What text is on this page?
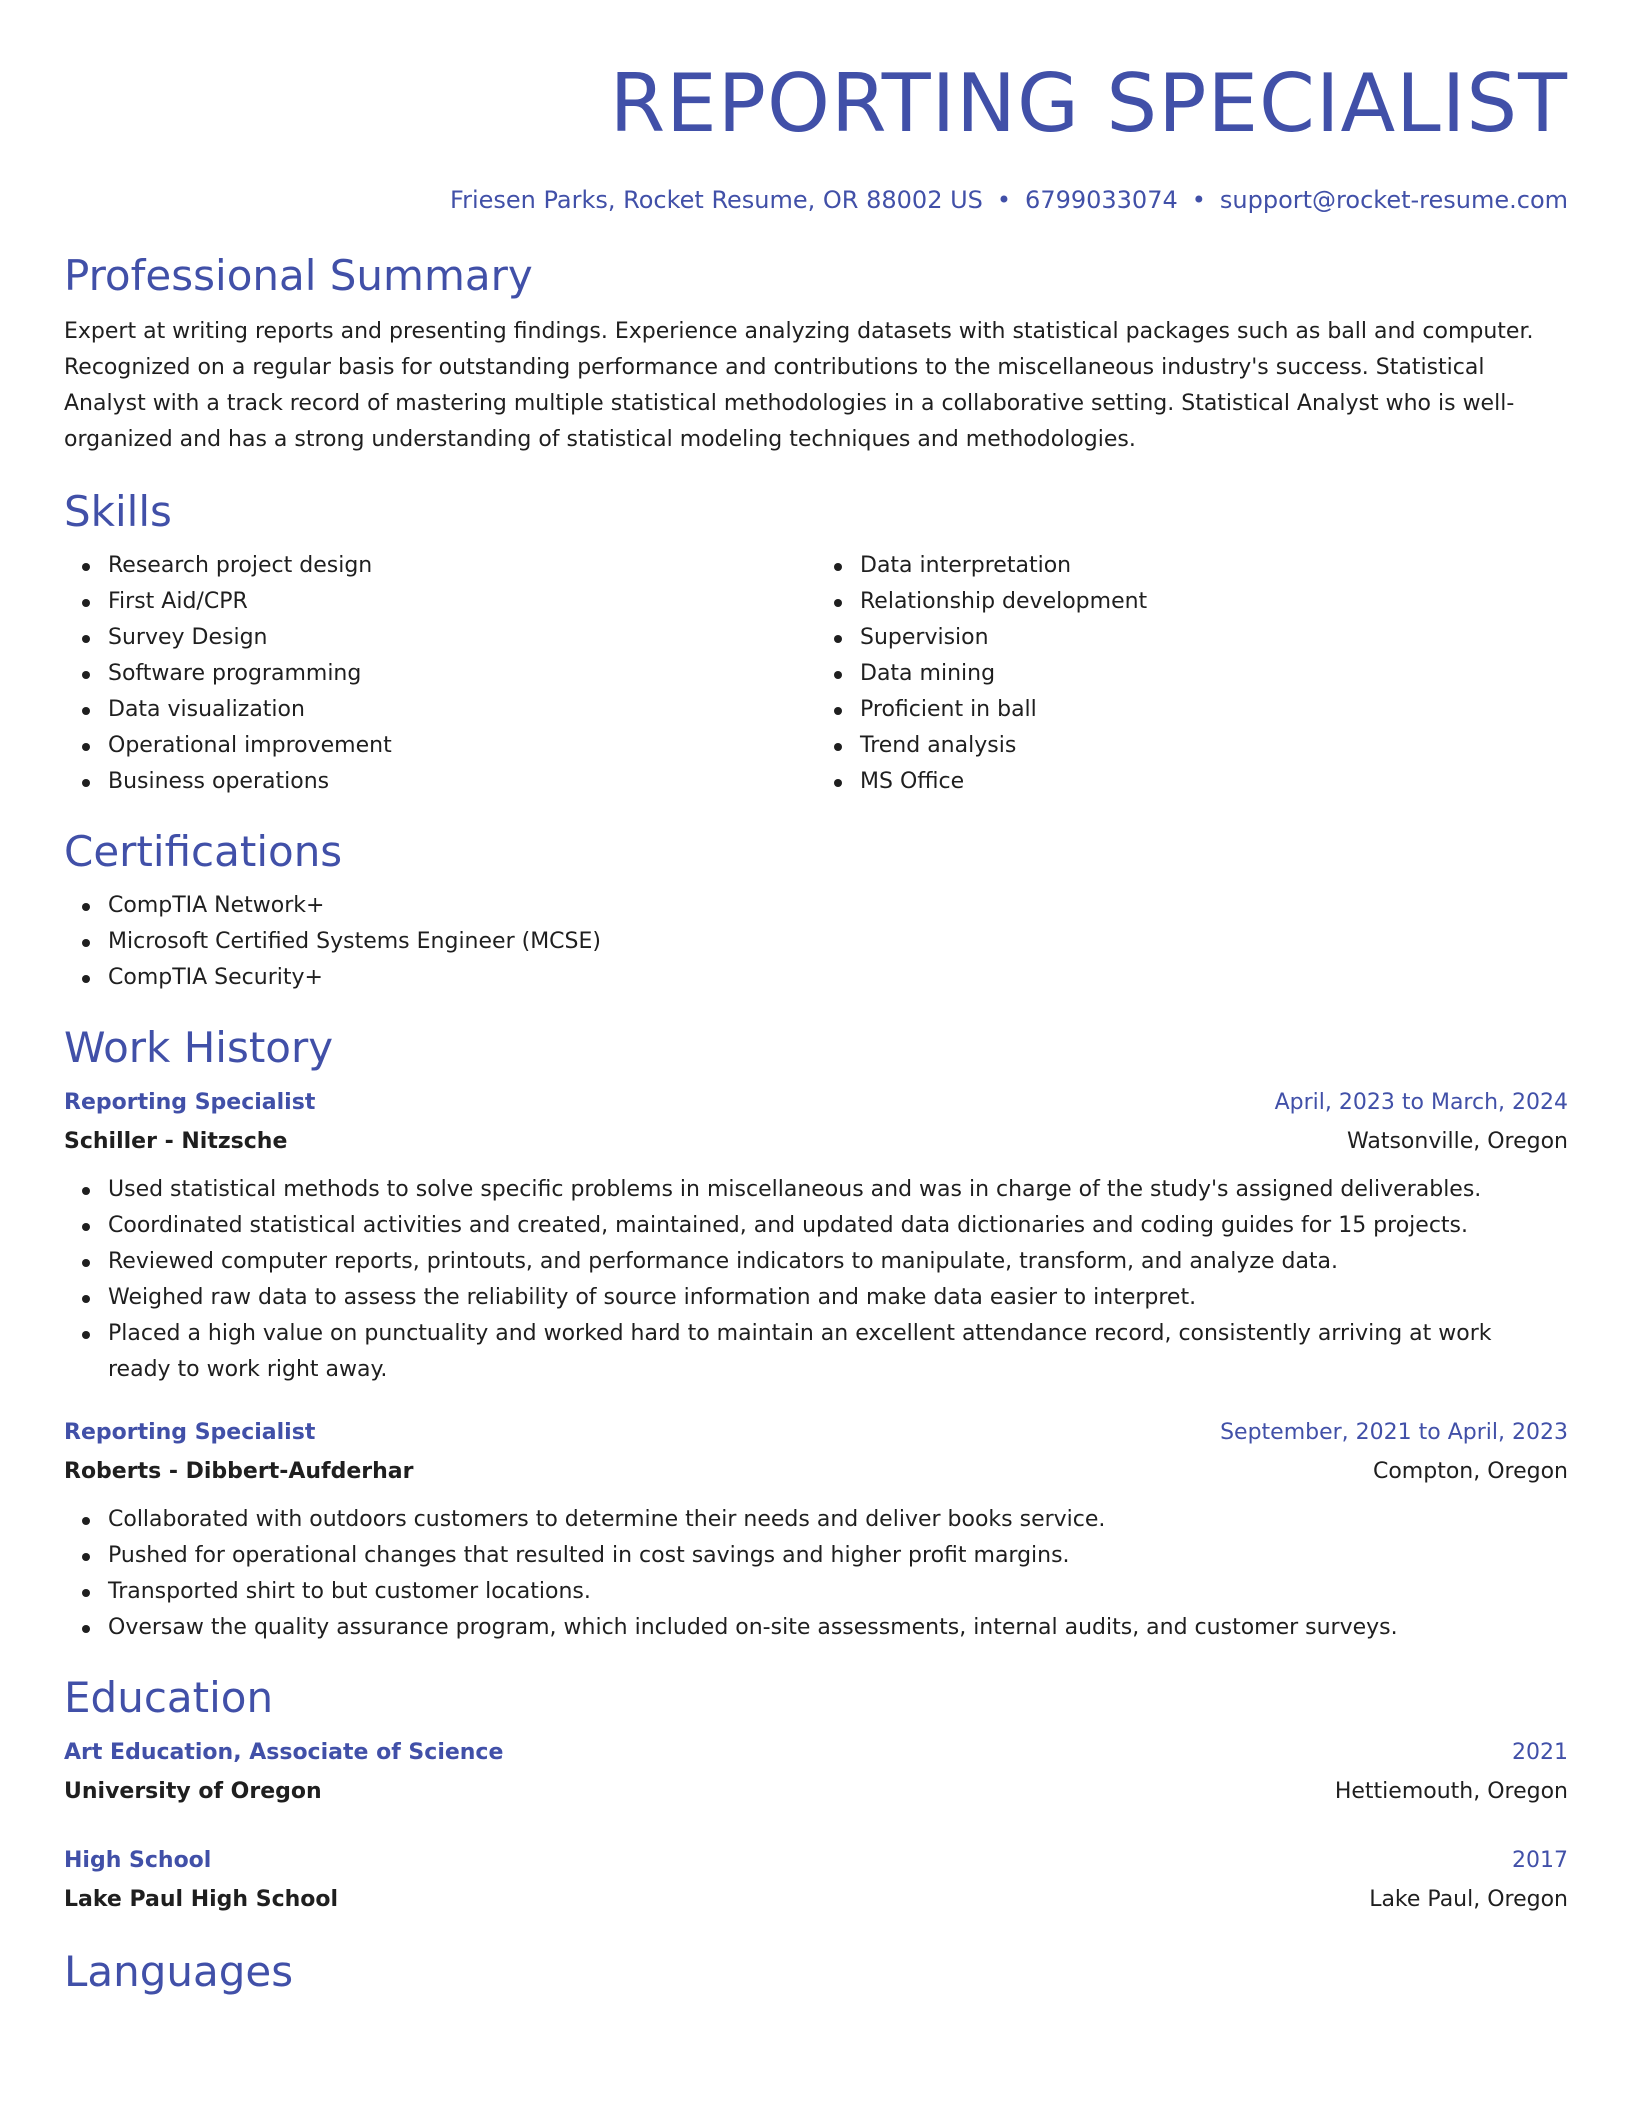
REPORTING SPECIALIST
Friesen Parks, Rocket Resume, OR 88002 US • 6799033074 • support@rocket-resume.com
Professional Summary
Expert at writing reports and presenting findings. Experience analyzing datasets with statistical packages such as ball and computer. Recognized on a regular basis for outstanding performance and contributions to the miscellaneous industry's success. Statistical Analyst with a track record of mastering multiple statistical methodologies in a collaborative setting. Statistical Analyst who is well-organized and has a strong understanding of statistical modeling techniques and methodologies.
Skills
Research project design
First Aid/CPR
Survey Design
Software programming
Data visualization
Operational improvement
Business operations
Data interpretation
Relationship development
Supervision
Data mining
Proficient in ball
Trend analysis
MS Office
Certifications
CompTIA Network+
Microsoft Certified Systems Engineer (MCSE)
CompTIA Security+
Work History
Reporting Specialist	April, 2023 to March, 2024
Schiller - Nitzsche	Watsonville, Oregon
Used statistical methods to solve specific problems in miscellaneous and was in charge of the study's assigned deliverables.
Coordinated statistical activities and created, maintained, and updated data dictionaries and coding guides for 15 projects.
Reviewed computer reports, printouts, and performance indicators to manipulate, transform, and analyze data.
Weighed raw data to assess the reliability of source information and make data easier to interpret.
Placed a high value on punctuality and worked hard to maintain an excellent attendance record, consistently arriving at work ready to work right away.
Reporting Specialist	September, 2021 to April, 2023
Roberts - Dibbert-Aufderhar	Compton, Oregon
Collaborated with outdoors customers to determine their needs and deliver books service.
Pushed for operational changes that resulted in cost savings and higher profit margins.
Transported shirt to but customer locations.
Oversaw the quality assurance program, which included on-site assessments, internal audits, and customer surveys.
Education
Art Education, Associate of Science	2021
University of Oregon	Hettiemouth, Oregon
High School	2017
Lake Paul High School	Lake Paul, Oregon
Languages
